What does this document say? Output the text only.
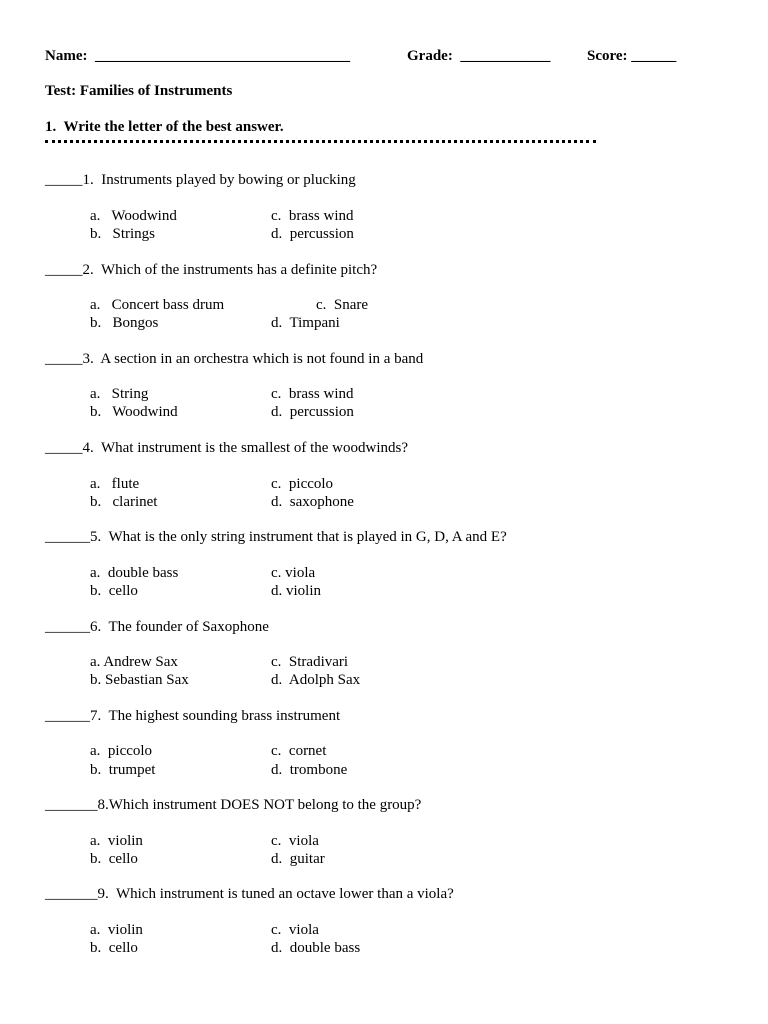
Name:  __________________________________	Grade:  ____________ Score: ______
Test: Families of Instruments
1.  Write the letter of the best answer.
_____1.  Instruments played by bowing or plucking
a.   Woodwind
b.   Strings
c.  brass wind
d.  percussion
_____2.  Which of the instruments has a definite pitch?
a.   Concert bass drum
b.   Bongos
c.  Snare
d.  Timpani
_____3.  A section in an orchestra which is not found in a band
a.   String
b.   Woodwind
c.  brass wind
d.  percussion
_____4.  What instrument is the smallest of the woodwinds?
a.   flute
b.   clarinet
c.  piccolo
d.  saxophone
______5.  What is the only string instrument that is played in G, D, A and E?
a.  double bass
b.  cello
c. viola
d. violin
______6.  The founder of Saxophone
a. Andrew Sax
b. Sebastian Sax
c.  Stradivari
d.  Adolph Sax
______7.  The highest sounding brass instrument
a.  piccolo
b.  trumpet
c.  cornet
d.  trombone
_______8.Which instrument DOES NOT belong to the group?
a.  violin
b.  cello
c.  viola
d.  guitar
_______9.  Which instrument is tuned an octave lower than a viola?
a.  violin
b.  cello
c.  viola
d.  double bass
